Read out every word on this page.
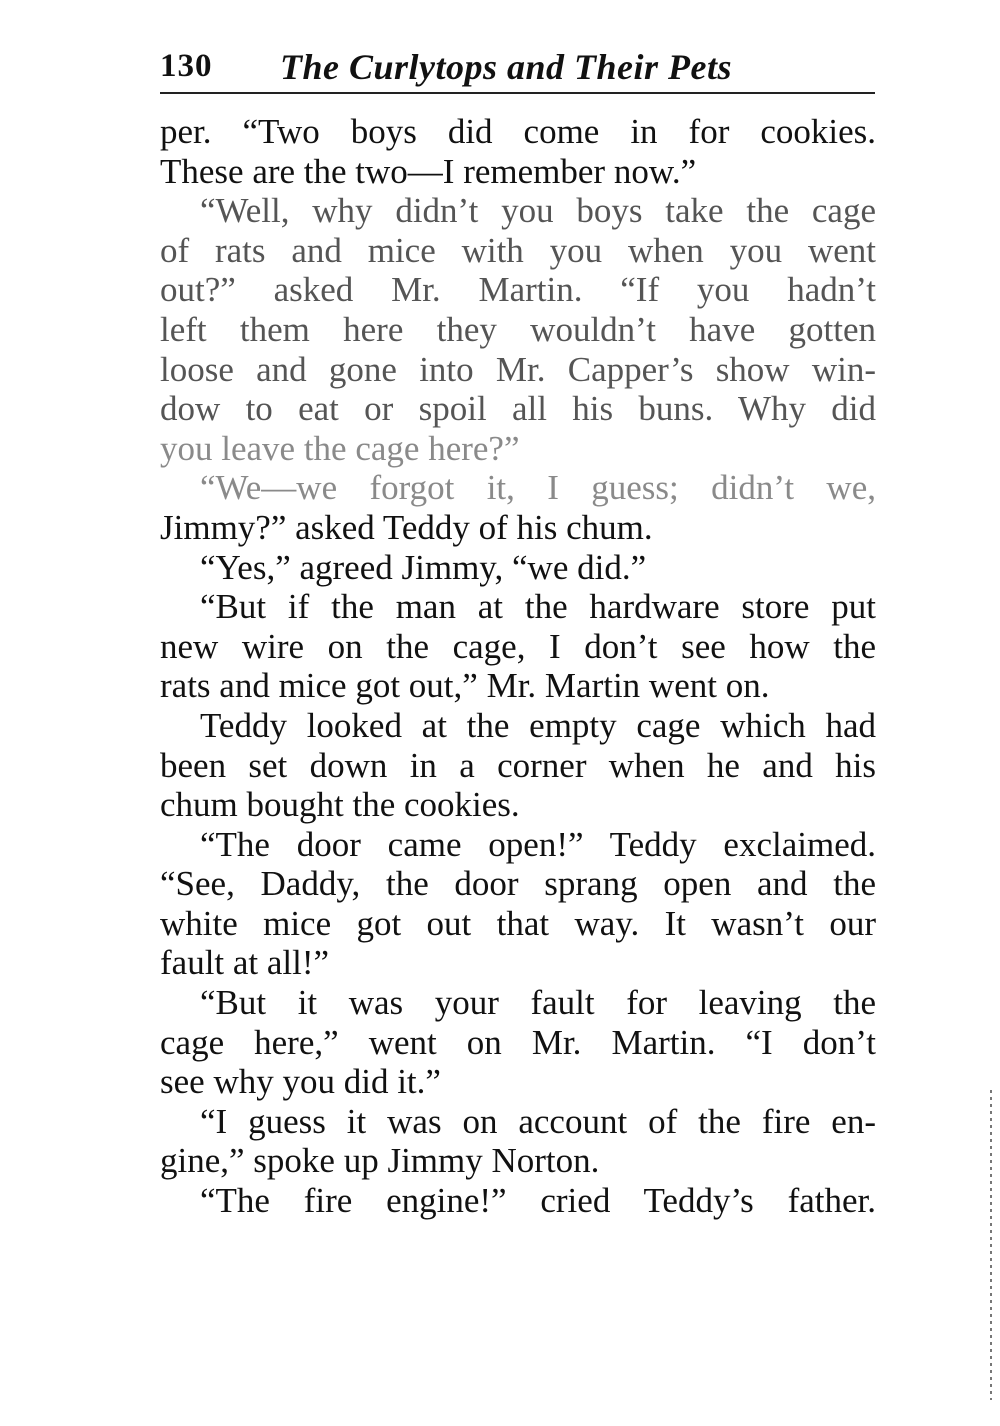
130 The Curlytops and Their Pets
per. “Two boys did come in for cookies.
These are the two—I remember now.”
“Well, why didn’t you boys take the cage
of rats and mice with you when you went
out?” asked Mr. Martin. “If you hadn’t
left them here they wouldn’t have gotten
loose and gone into Mr. Capper’s show win-
dow to eat or spoil all his buns. Why did
you leave the cage here?”
“We—we forgot it, I guess; didn’t we,
Jimmy?” asked Teddy of his chum.
“Yes,” agreed Jimmy, “we did.”
“But if the man at the hardware store put
new wire on the cage, I don’t see how the
rats and mice got out,” Mr. Martin went on.
Teddy looked at the empty cage which had
been set down in a corner when he and his
chum bought the cookies.
“The door came open!” Teddy exclaimed.
“See, Daddy, the door sprang open and the
white mice got out that way. It wasn’t our
fault at all!”
“But it was your fault for leaving the
cage here,” went on Mr. Martin. “I don’t
see why you did it.”
“I guess it was on account of the fire en-
gine,” spoke up Jimmy Norton.
“The fire engine!” cried Teddy’s father.
